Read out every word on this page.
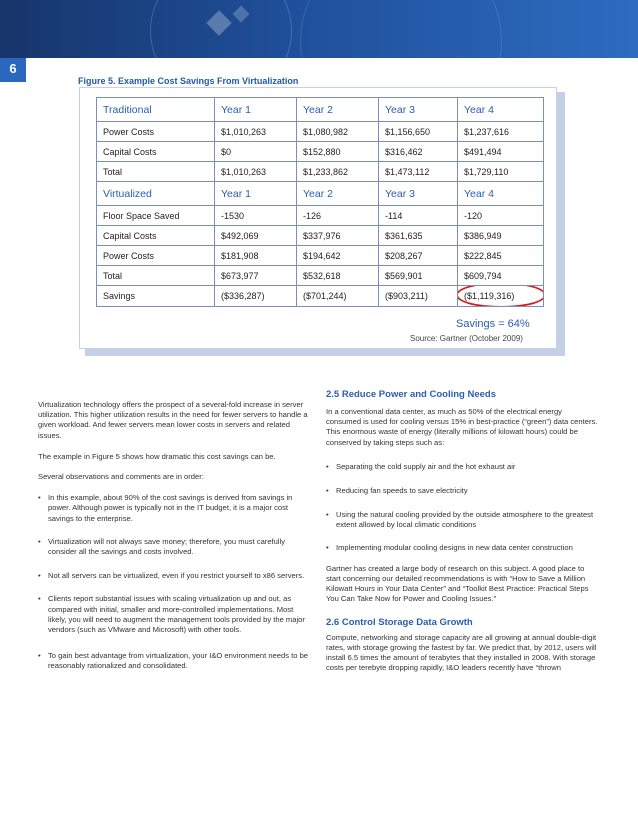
6
Figure 5. Example Cost Savings From Virtualization
Traditional	Year 1	Year 2	Year 3	Year 4
Power Costs	$1,010,263	$1,080,982	$1,156,650	$1,237,616
Capital Costs	$0	$152,880	$316,462	$491,494
Total	$1,010,263	$1,233,862	$1,473,112	$1,729,110
Virtualized	Year 1	Year 2	Year 3	Year 4
Floor Space Saved	-1530	-126	-114	-120
Capital Costs	$492,069	$337,976	$361,635	$386,949
Power Costs	$181,908	$194,642	$208,267	$222,845
Total	$673,977	$532,618	$569,901	$609,794
Savings	($336,287)	($701,244)	($903,211)	($1,119,316)
Savings = 64%
Source: Gartner (October 2009)

Virtualization technology offers the prospect of a several-fold increase in server utilization. This higher utilization results in the need for fewer servers to handle a given workload. And fewer servers mean lower costs in servers and related issues.

The example in Figure 5 shows how dramatic this cost savings can be.

Several observations and comments are in order:

• In this example, about 90% of the cost savings is derived from savings in power. Although power is typically not in the IT budget, it is a major cost savings to the enterprise.

• Virtualization will not always save money; therefore, you must carefully consider all the savings and costs involved.

• Not all servers can be virtualized, even if you restrict yourself to x86 servers.

• Clients report substantial issues with scaling virtualization up and out, as compared with initial, smaller and more-controlled implementations. Most likely, you will need to augment the management tools provided by the major vendors (such as VMware and Microsoft) with other tools.

• To gain best advantage from virtualization, your I&O environment needs to be reasonably rationalized and consolidated.

2.5 Reduce Power and Cooling Needs

In a conventional data center, as much as 50% of the electrical energy consumed is used for cooling versus 15% in best-practice (“green”) data centers. This enormous waste of energy (literally millions of kilowatt hours) could be conserved by taking steps such as:

• Separating the cold supply air and the hot exhaust air

• Reducing fan speeds to save electricity

• Using the natural cooling provided by the outside atmosphere to the greatest extent allowed by local climatic conditions

• Implementing modular cooling designs in new data center construction

Gartner has created a large body of research on this subject. A good place to start concerning our detailed recommendations is with “How to Save a Million Kilowatt Hours in Your Data Center” and “Toolkit Best Practice: Practical Steps You Can Take Now for Power and Cooling Issues.”

2.6 Control Storage Data Growth

Compute, networking and storage capacity are all growing at annual double-digit rates, with storage growing the fastest by far. We predict that, by 2012, users will install 6.5 times the amount of terabytes that they installed in 2008. With storage costs per terebyte dropping rapidly, I&O leaders recently have “thrown
